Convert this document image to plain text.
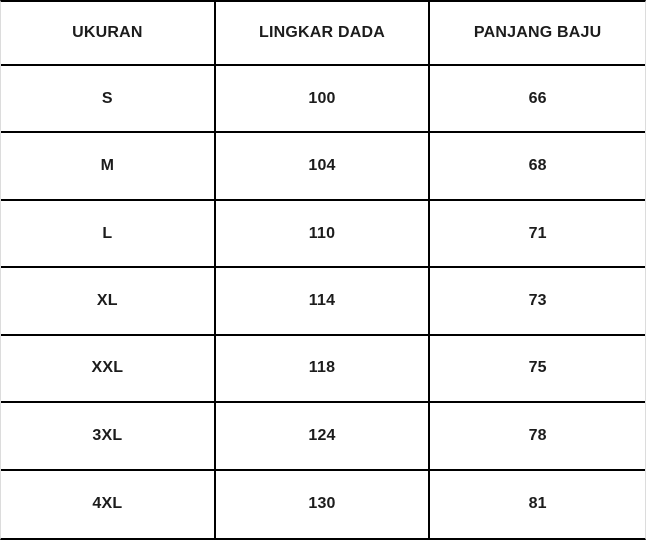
UKURAN	LINGKAR DADA	PANJANG BAJU
S	100	66
M	104	68
L	110	71
XL	114	73
XXL	118	75
3XL	124	78
4XL	130	81
